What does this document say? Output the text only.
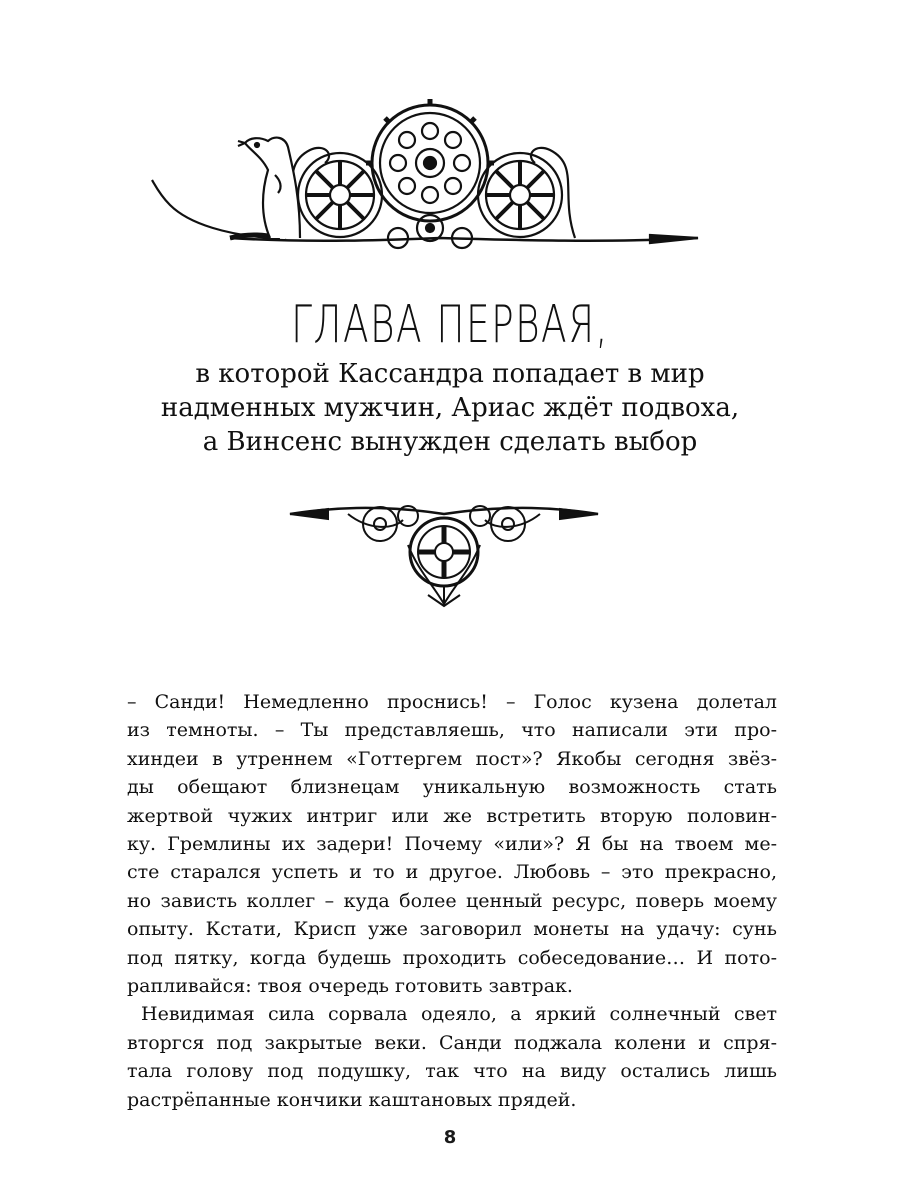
ГЛАВА ПЕРВАЯ,
в которой Кассандра попадает в мир
надменных мужчин, Ариас ждёт подвоха,
а Винсенс вынужден сделать выбор
– Санди! Немедленно проснись! – Голос кузена долетал
из темноты. – Ты представляешь, что написали эти про-
хиндеи в утреннем «Готтергем пост»? Якобы сегодня звёз-
ды обещают близнецам уникальную возможность стать
жертвой чужих интриг или же встретить вторую половин-
ку. Гремлины их задери! Почему «или»? Я бы на твоем ме-
сте старался успеть и то и другое. Любовь – это прекрасно,
но зависть коллег – куда более ценный ресурс, поверь моему
опыту. Кстати, Крисп уже заговорил монеты на удачу: сунь
под пятку, когда будешь проходить собеседование… И пото-
рапливайся: твоя очередь готовить завтрак.
Невидимая сила сорвала одеяло, а яркий солнечный свет
вторгся под закрытые веки. Санди поджала колени и спря-
тала голову под подушку, так что на виду остались лишь
растрёпанные кончики каштановых прядей.
8
